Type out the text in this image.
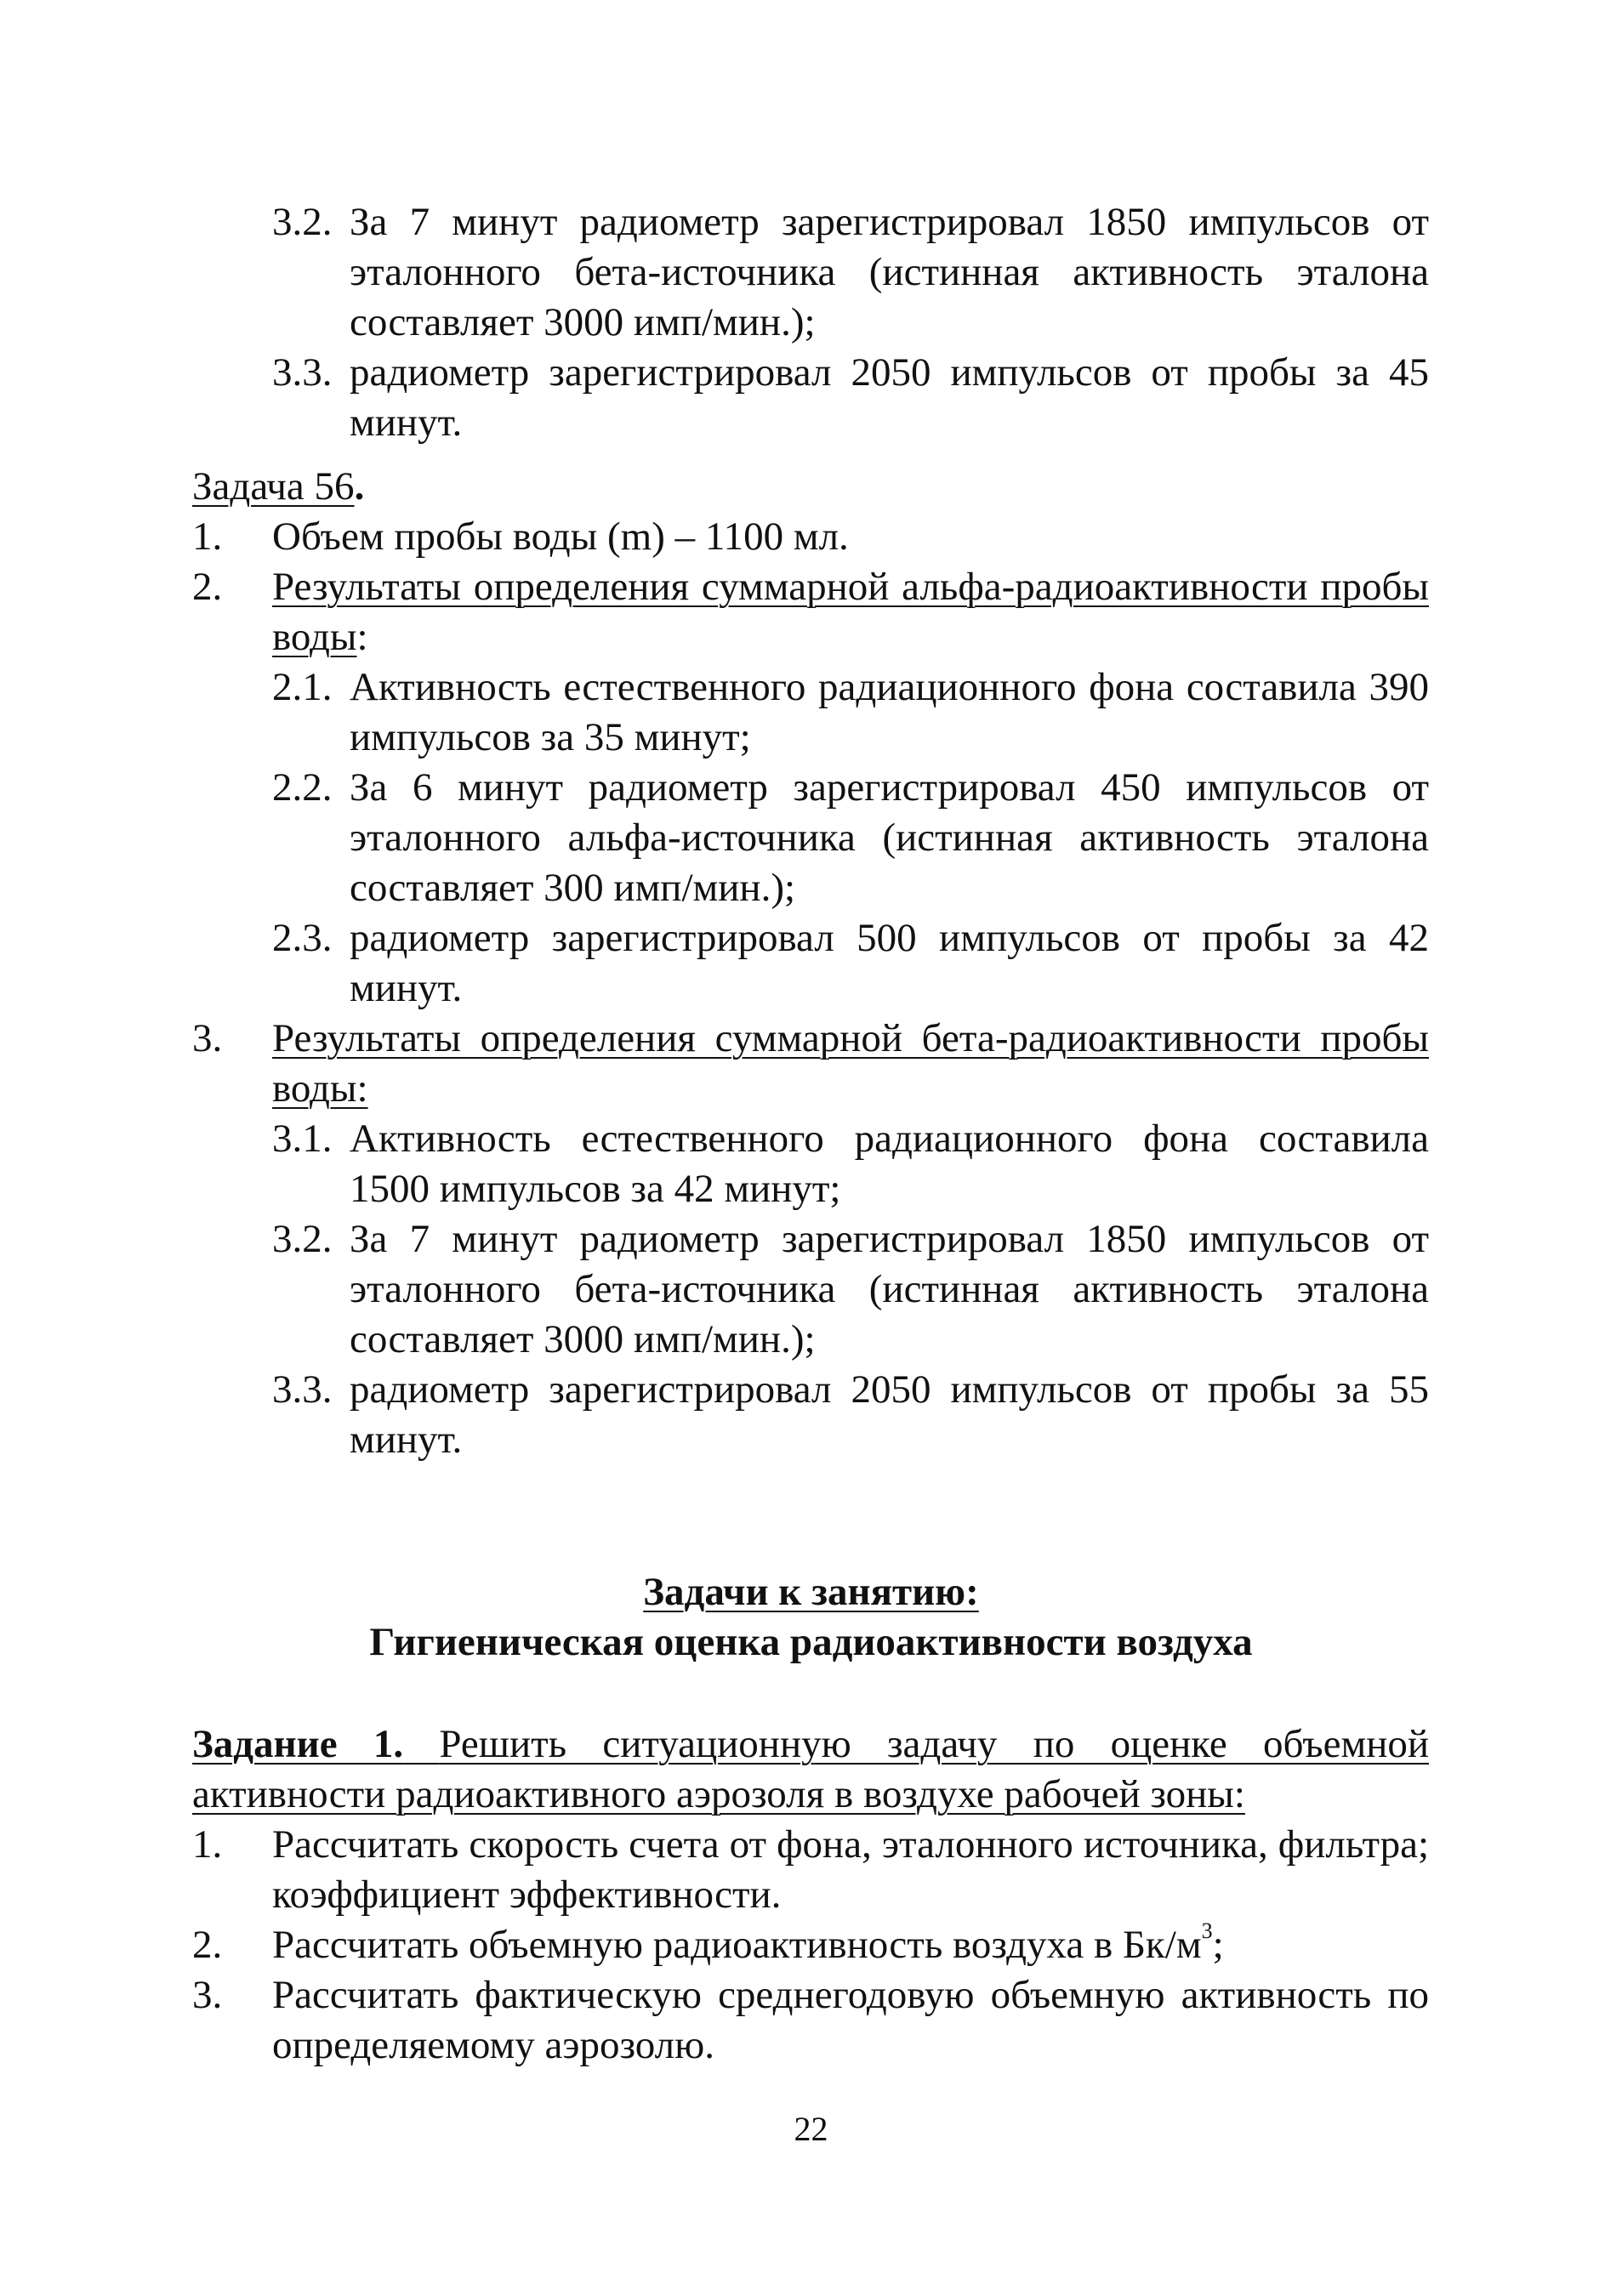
3.2. За 7 минут радиометр зарегистрировал 1850 импульсов от эталонного бета-источника (истинная активность эталона составляет 3000 имп/мин.);
3.3. радиометр зарегистрировал 2050 импульсов от пробы за 45 минут.
Задача 56.
1. Объем пробы воды (m) – 1100 мл.
2. Результаты определения суммарной альфа-радиоактивности пробы воды:
2.1. Активность естественного радиационного фона составила 390 импульсов за 35 минут;
2.2. За 6 минут радиометр зарегистрировал 450 импульсов от эталонного альфа-источника (истинная активность эталона составляет 300 имп/мин.);
2.3. радиометр зарегистрировал 500 импульсов от пробы за 42 минут.
3. Результаты определения суммарной бета-радиоактивности пробы воды:
3.1. Активность естественного радиационного фона составила 1500 импульсов за 42 минут;
3.2. За 7 минут радиометр зарегистрировал 1850 импульсов от эталонного бета-источника (истинная активность эталона составляет 3000 имп/мин.);
3.3. радиометр зарегистрировал 2050 импульсов от пробы за 55 минут.
Задачи к занятию:
Гигиеническая оценка радиоактивности воздуха
Задание 1. Решить ситуационную задачу по оценке объемной активности радиоактивного аэрозоля в воздухе рабочей зоны:
1. Рассчитать скорость счета от фона, эталонного источника, фильтра; коэффициент эффективности.
2. Рассчитать объемную радиоактивность воздуха в $Бк/м^3$;
3. Рассчитать фактическую среднегодовую объемную активность по определяемому аэрозолю.
22
